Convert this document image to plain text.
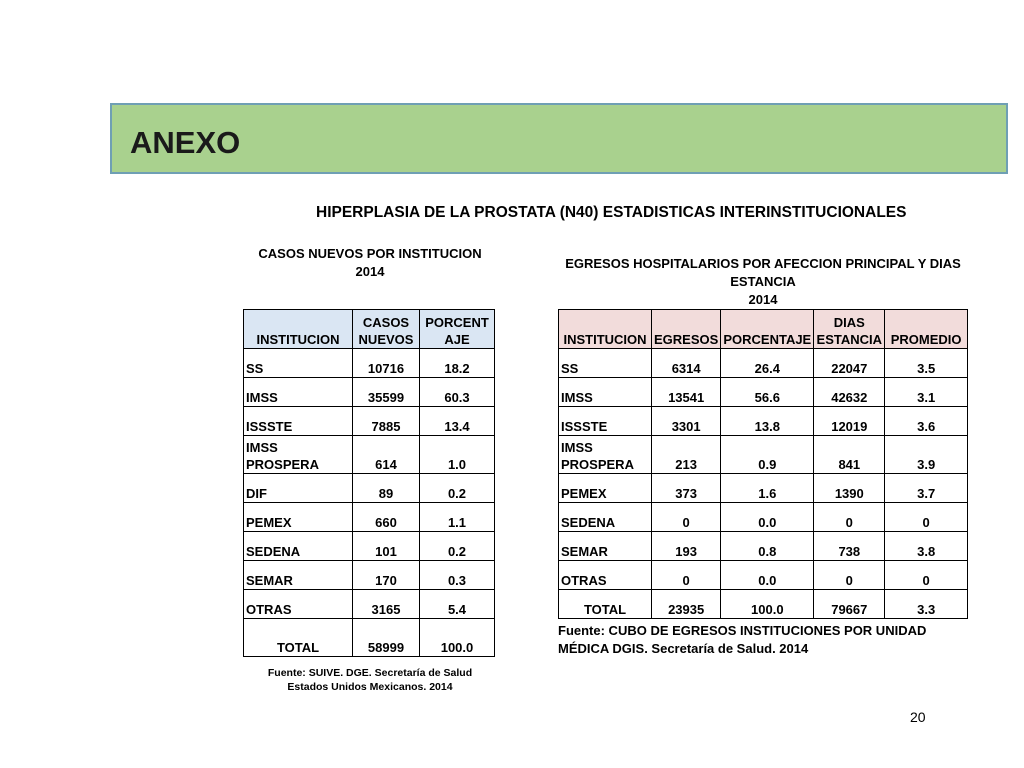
ANEXO
HIPERPLASIA DE LA PROSTATA (N40) ESTADISTICAS INTERINSTITUCIONALES
CASOS NUEVOS POR INSTITUCION
2014
EGRESOS HOSPITALARIOS POR AFECCION PRINCIPAL Y DIAS
ESTANCIA
2014
INSTITUCION	CASOS NUEVOS	PORCENTAJE
SS	10716	18.2
IMSS	35599	60.3
ISSSTE	7885	13.4
IMSS PROSPERA	614	1.0
DIF	89	0.2
PEMEX	660	1.1
SEDENA	101	0.2
SEMAR	170	0.3
OTRAS	3165	5.4
TOTAL	58999	100.0
INSTITUCION	EGRESOS	PORCENTAJE	DIAS ESTANCIA	PROMEDIO
SS	6314	26.4	22047	3.5
IMSS	13541	56.6	42632	3.1
ISSSTE	3301	13.8	12019	3.6
IMSS PROSPERA	213	0.9	841	3.9
PEMEX	373	1.6	1390	3.7
SEDENA	0	0.0	0	0
SEMAR	193	0.8	738	3.8
OTRAS	0	0.0	0	0
TOTAL	23935	100.0	79667	3.3
Fuente: SUIVE. DGE. Secretaría de Salud
Estados Unidos Mexicanos. 2014
Fuente: CUBO DE EGRESOS INSTITUCIONES POR UNIDAD
MÉDICA DGIS. Secretaría de Salud. 2014
20
